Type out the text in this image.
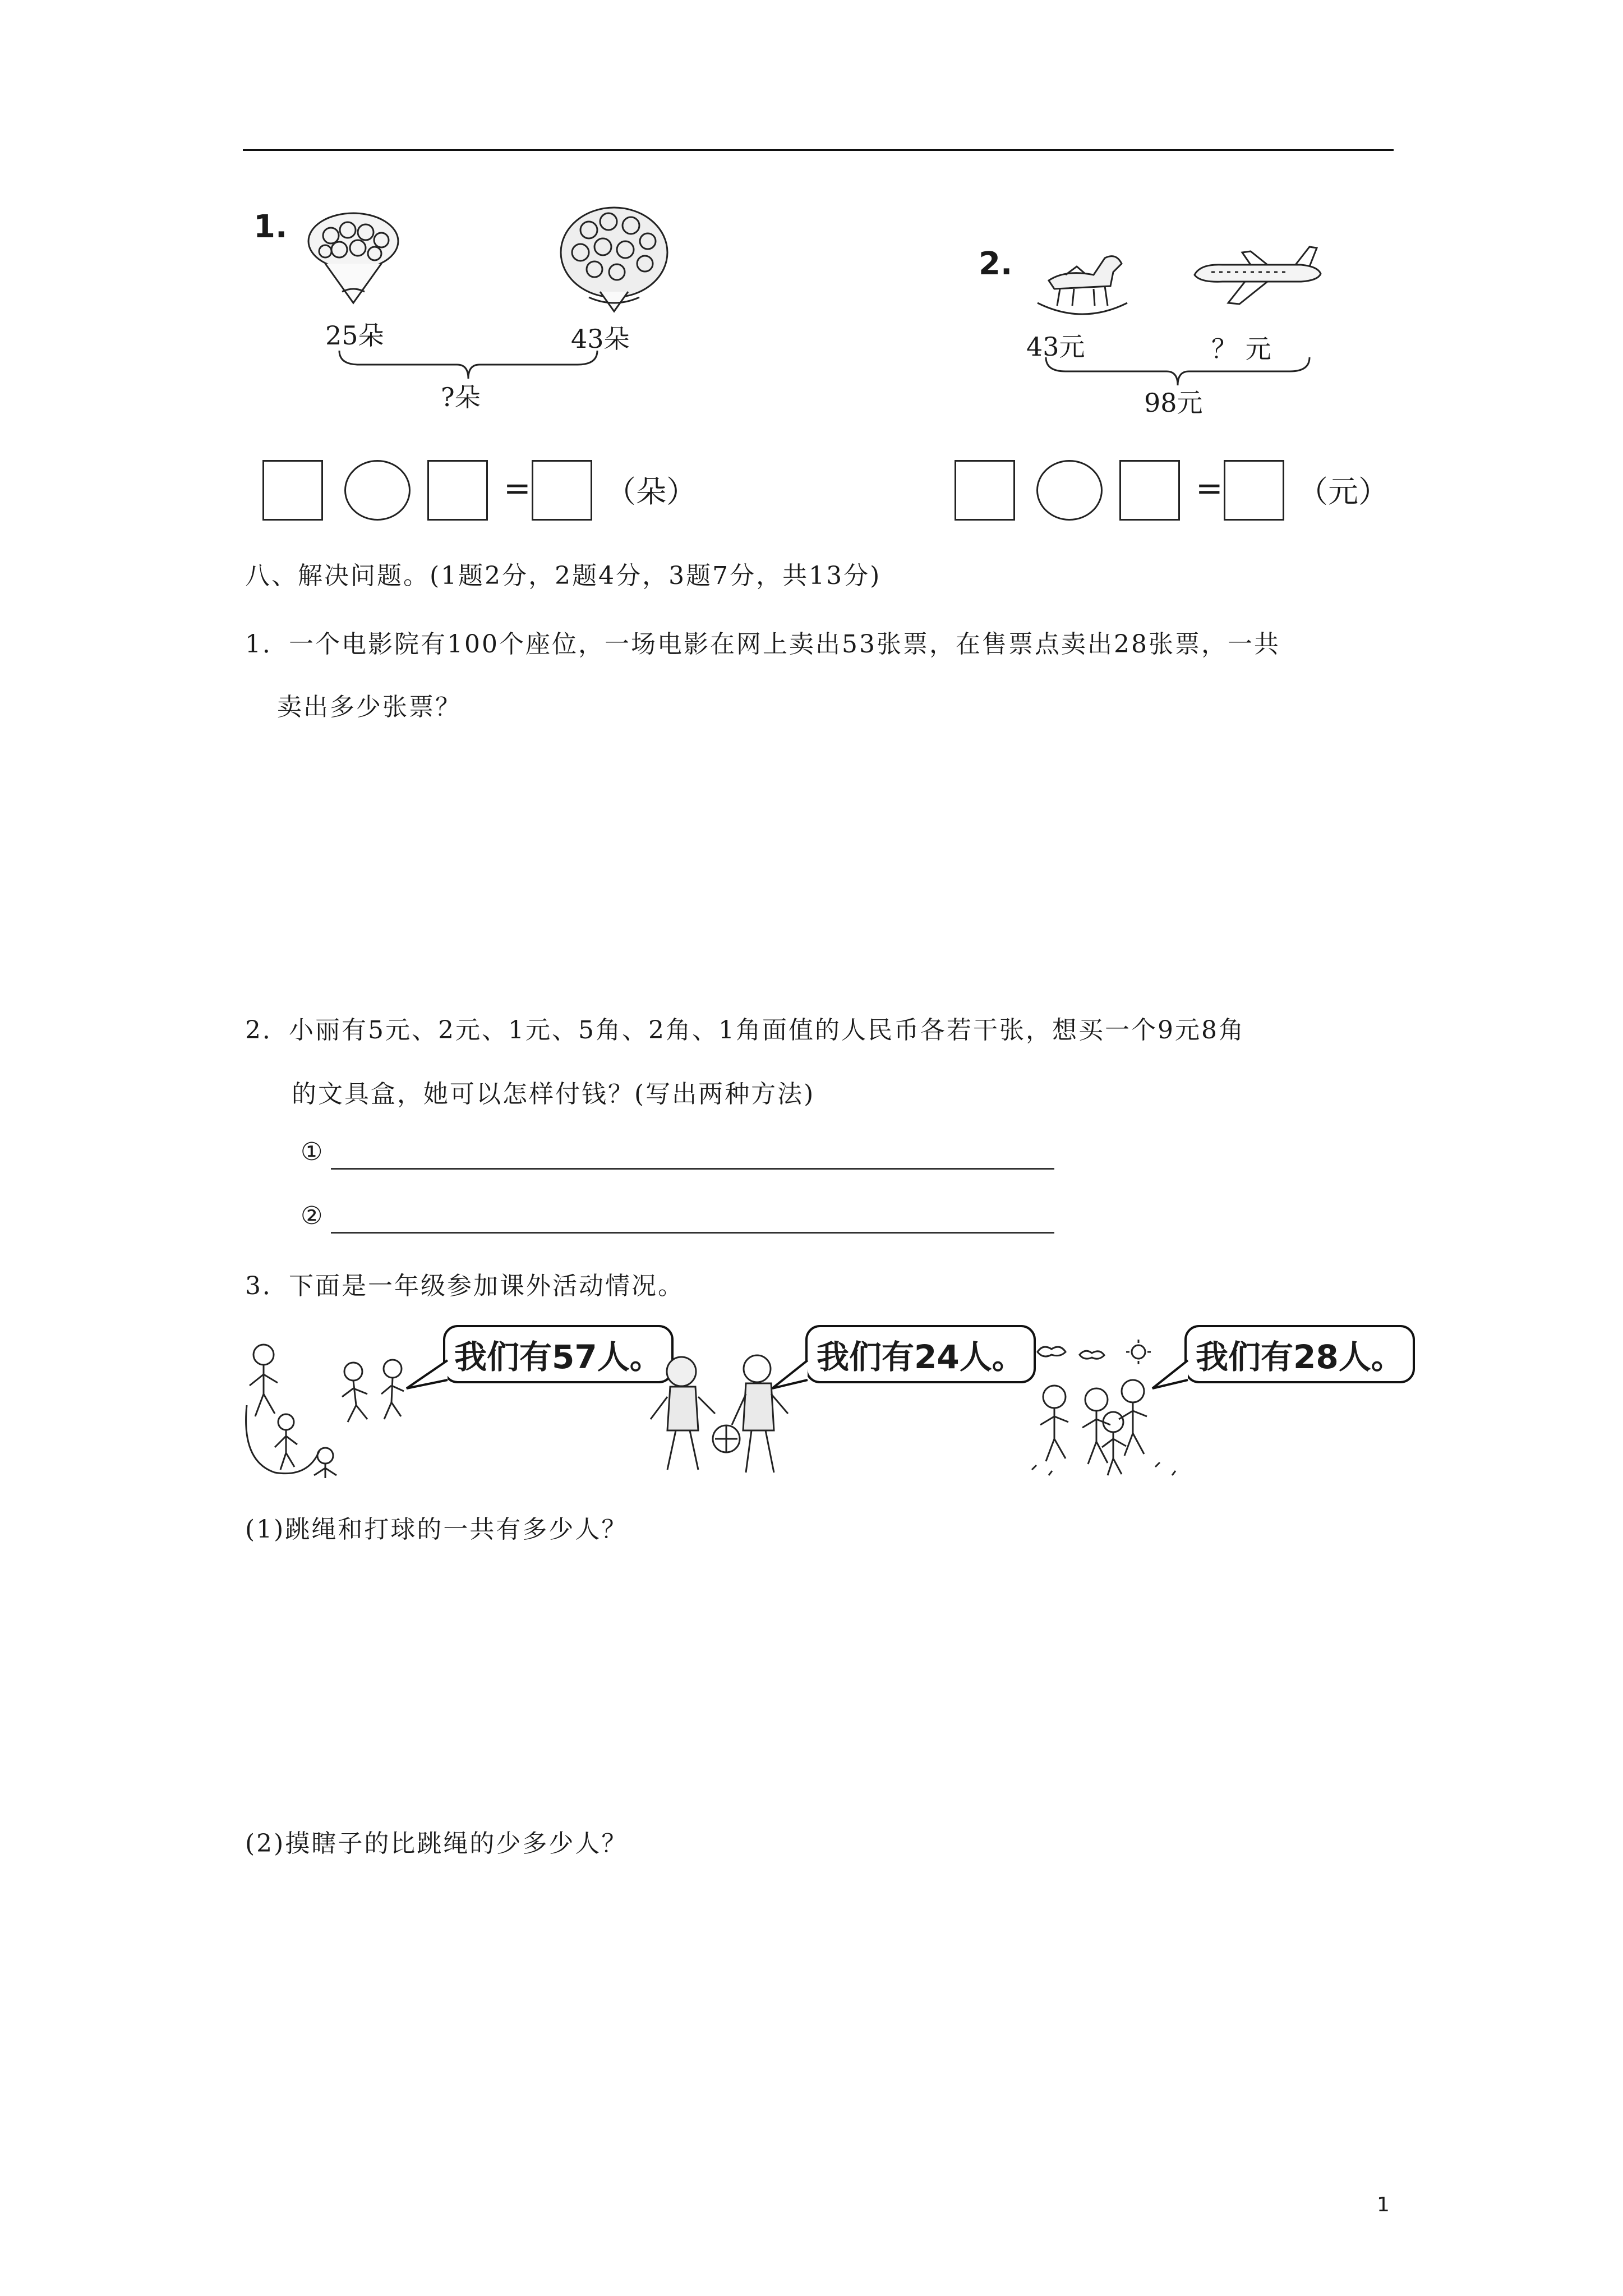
1.
25朵	43朵
?朵
= （朵）
2.
43元	？ 元
98元
= （元）
八、解决问题。(1题2分，2题4分，3题7分，共13分)
1．一个电影院有100个座位，一场电影在网上卖出53张票，在售票点卖出28张票，一共
卖出多少张票？
2．小丽有5元、2元、1元、5角、2角、1角面值的人民币各若干张，想买一个9元8角
的文具盒，她可以怎样付钱？(写出两种方法)
①
②
3．下面是一年级参加课外活动情况。
我们有57人。	我们有24人。	我们有28人。
(1)跳绳和打球的一共有多少人？
(2)摸瞎子的比跳绳的少多少人？
1
